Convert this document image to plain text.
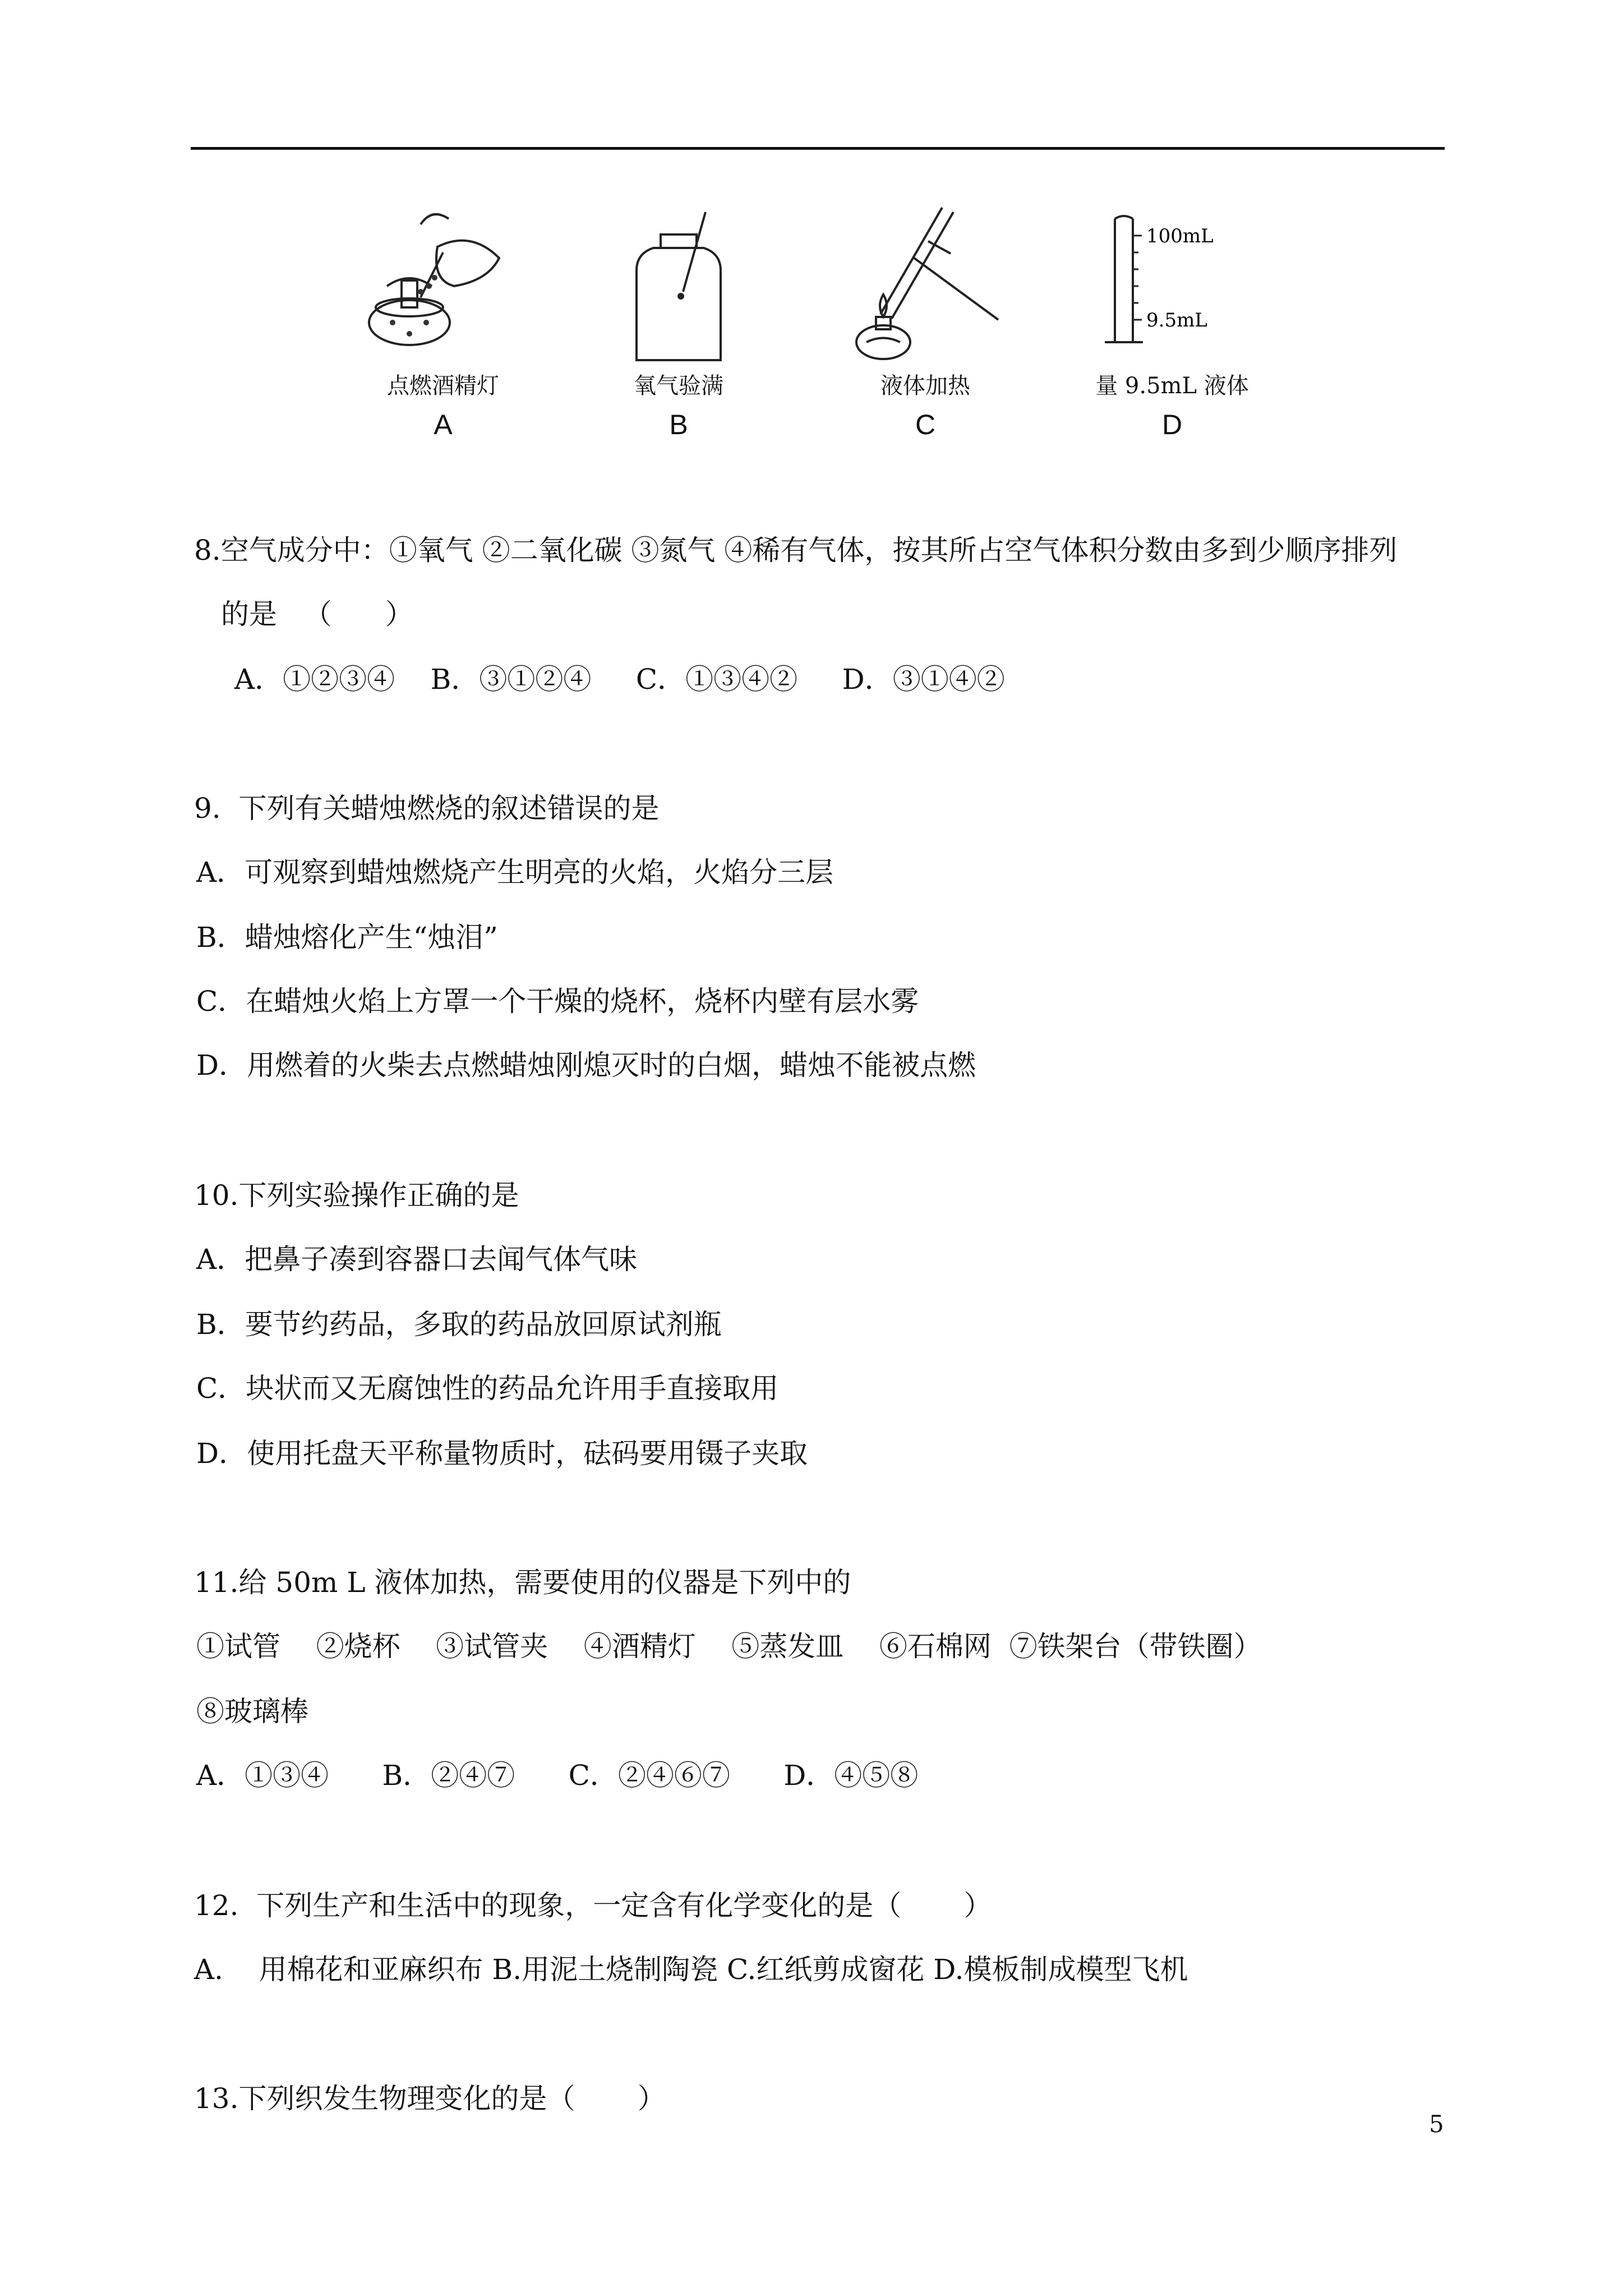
点燃酒精灯
A
氧气验满
B
液体加热
C
100mL
9.5mL
量 9.5mL 液体
D
8.空气成分中：①氧气 ②二氧化碳 ③氮气 ④稀有气体，按其所占空气体积分数由多到少顺序排列
的是   （      ）
A．①②③④    B．③①②④     C．①③④②     D．③①④②
9.  下列有关蜡烛燃烧的叙述错误的是
A．可观察到蜡烛燃烧产生明亮的火焰，火焰分三层
B．蜡烛熔化产生“烛泪”
C．在蜡烛火焰上方罩一个干燥的烧杯，烧杯内壁有层水雾
D．用燃着的火柴去点燃蜡烛刚熄灭时的白烟，蜡烛不能被点燃
10.下列实验操作正确的是
A．把鼻子凑到容器口去闻气体气味
B．要节约药品，多取的药品放回原试剂瓶
C．块状而又无腐蚀性的药品允许用手直接取用
D．使用托盘天平称量物质时，砝码要用镊子夹取
11.给 50m L 液体加热，需要使用的仪器是下列中的
①试管    ②烧杯    ③试管夹    ④酒精灯    ⑤蒸发皿    ⑥石棉网  ⑦铁架台（带铁圈）
⑧玻璃棒
A．①③④      B．②④⑦      C．②④⑥⑦      D．④⑤⑧
12.  下列生产和生活中的现象，一定含有化学变化的是（       ）
A.    用棉花和亚麻织布 B.用泥土烧制陶瓷 C.红纸剪成窗花 D.模板制成模型飞机
13.下列织发生物理变化的是（       ）
5
